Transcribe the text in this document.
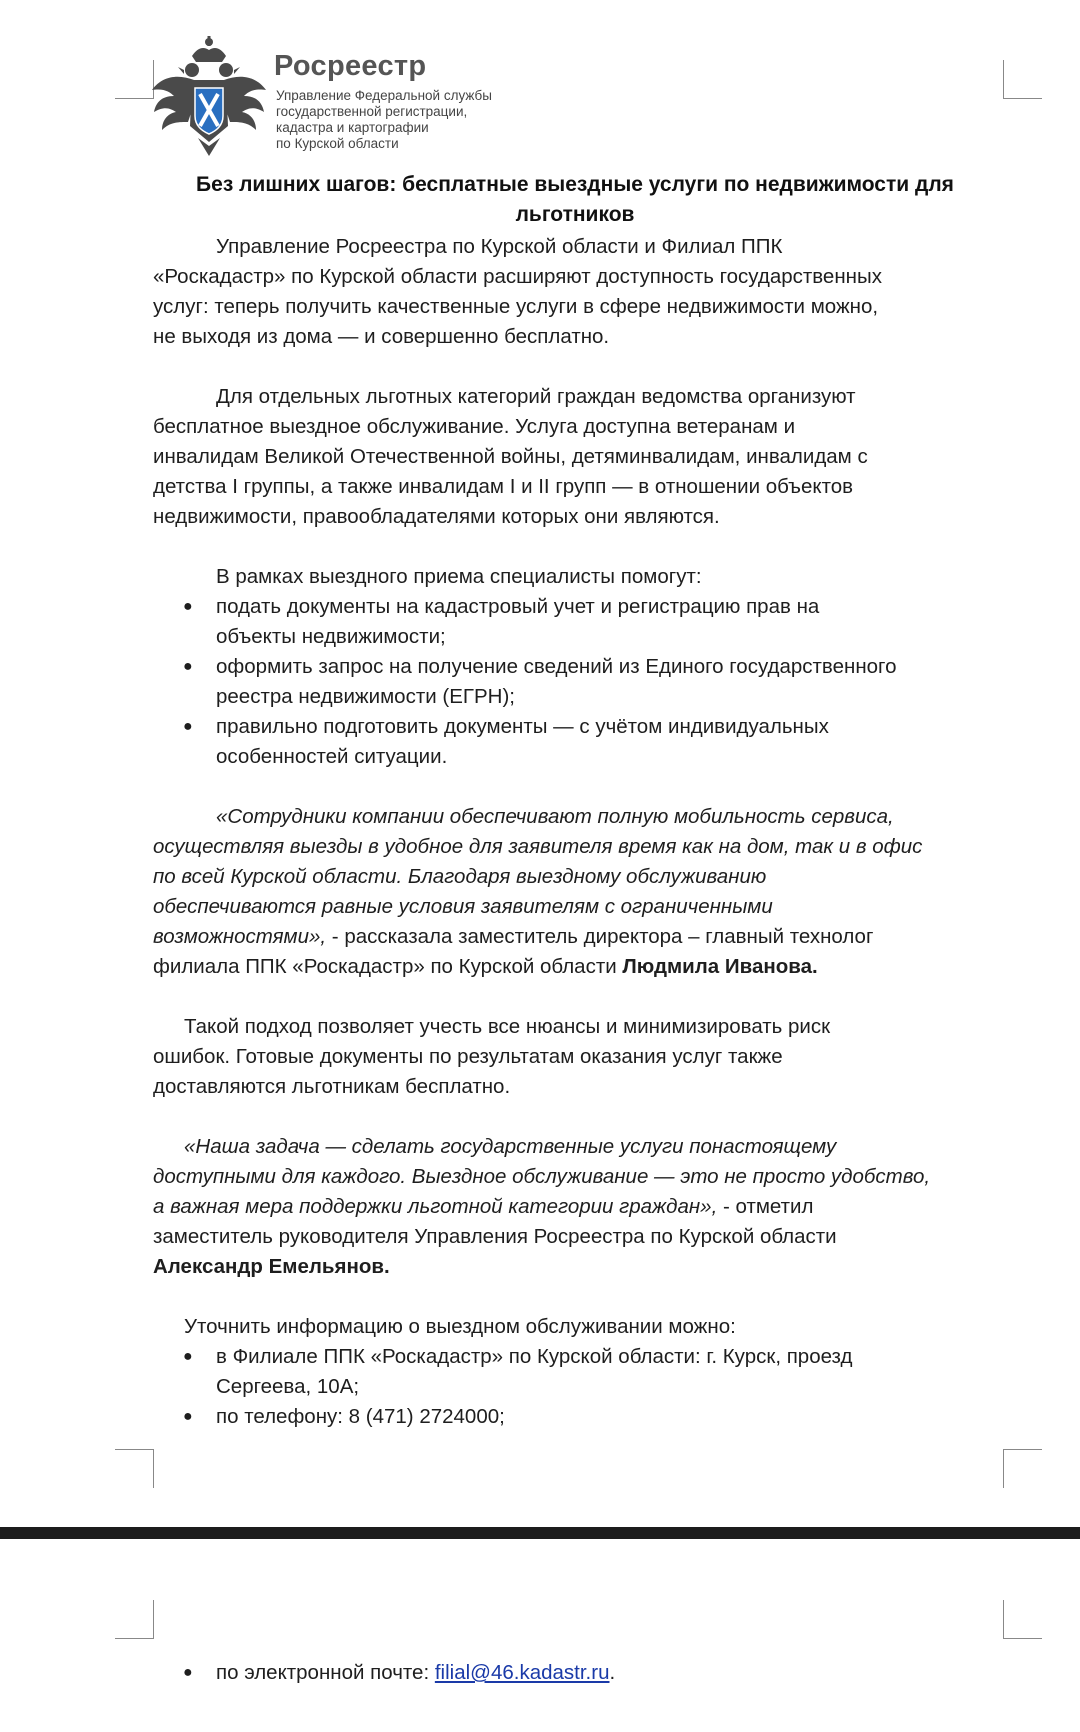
Росреестр
Управление Федеральной службы
государственной регистрации,
кадастра и картографии
по Курской области
Без лишних шагов: бесплатные выездные услуги по недвижимости для
льготников
Управление Росреестра по Курской области и Филиал ППК
«Роскадастр» по Курской области расширяют доступность государственных
услуг: теперь получить качественные услуги в сфере недвижимости можно,
не выходя из дома — и совершенно бесплатно.
Для отдельных льготных категорий граждан ведомства организуют
бесплатное выездное обслуживание. Услуга доступна ветеранам и
инвалидам Великой Отечественной войны, детяминвалидам, инвалидам с
детства I группы, а также инвалидам I и II групп — в отношении объектов
недвижимости, правообладателями которых они являются.
В рамках выездного приема специалисты помогут:
● подать документы на кадастровый учет и регистрацию прав на
объекты недвижимости;
● оформить запрос на получение сведений из Единого государственного
реестра недвижимости (ЕГРН);
● правильно подготовить документы — с учётом индивидуальных
особенностей ситуации.
«Сотрудники компании обеспечивают полную мобильность сервиса,
осуществляя выезды в удобное для заявителя время как на дом, так и в офис
по всей Курской области. Благодаря выездному обслуживанию
обеспечиваются равные условия заявителям с ограниченными
возможностями», - рассказала заместитель директора – главный технолог
филиала ППК «Роскадастр» по Курской области Людмила Иванова.
Такой подход позволяет учесть все нюансы и минимизировать риск
ошибок. Готовые документы по результатам оказания услуг также
доставляются льготникам бесплатно.
«Наша задача — сделать государственные услуги понастоящему
доступными для каждого. Выездное обслуживание — это не просто удобство,
а важная мера поддержки льготной категории граждан», - отметил
заместитель руководителя Управления Росреестра по Курской области
Александр Емельянов.
Уточнить информацию о выездном обслуживании можно:
● в Филиале ППК «Роскадастр» по Курской области: г. Курск, проезд
Сергеева, 10А;
● по телефону: 8 (471) 2724000;
● по электронной почте: filial@46.kadastr.ru.
